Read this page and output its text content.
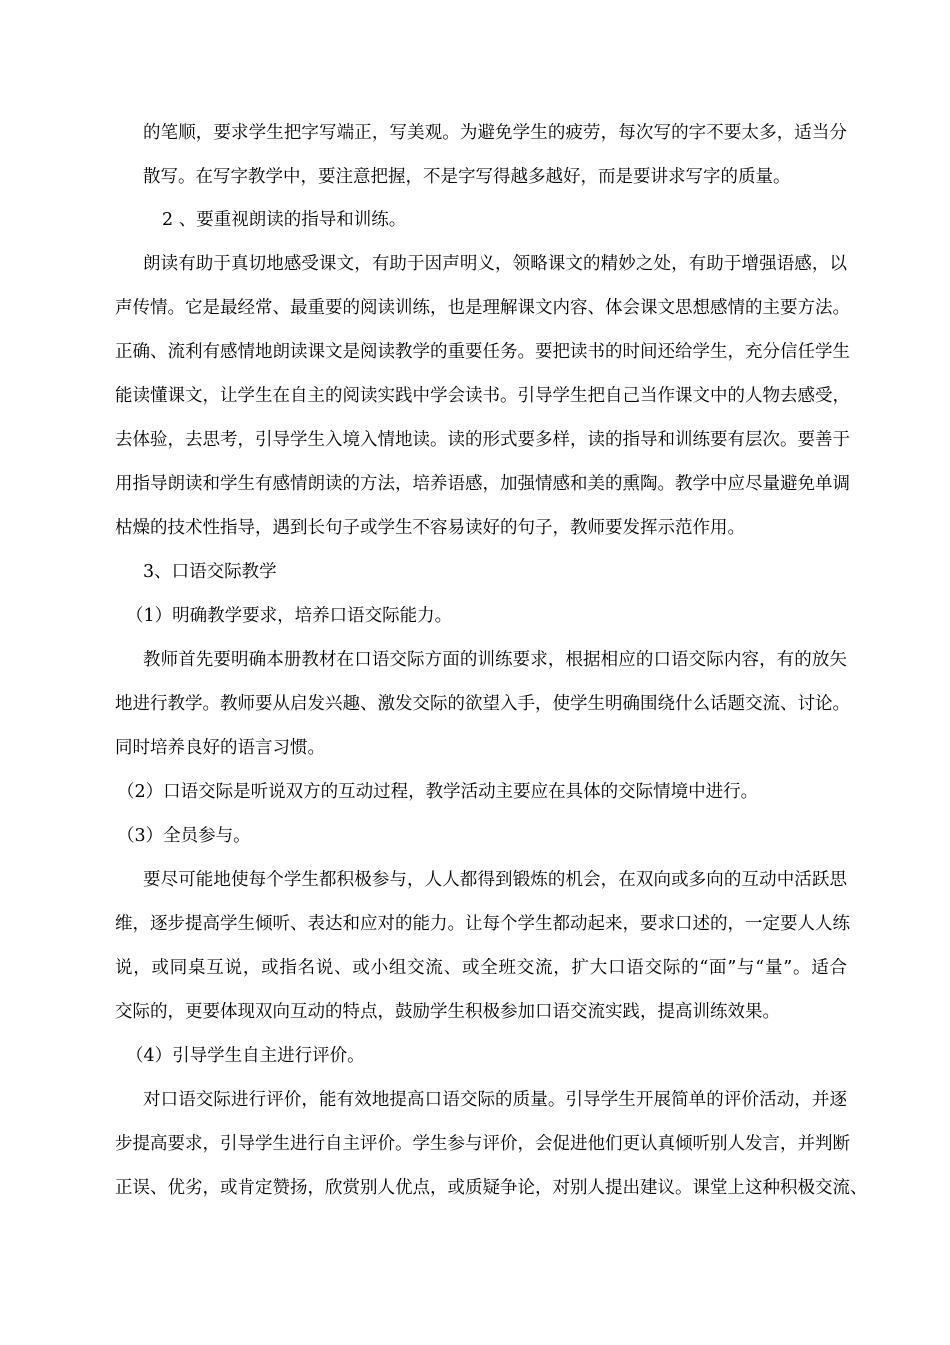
的笔顺，要求学生把字写端正，写美观。为避免学生的疲劳，每次写的字不要太多，适当分
散写。在写字教学中，要注意把握，不是字写得越多越好，而是要讲求写字的质量。
2 、要重视朗读的指导和训练。
朗读有助于真切地感受课文，有助于因声明义，领略课文的精妙之处，有助于增强语感，以
声传情。它是最经常、最重要的阅读训练，也是理解课文内容、体会课文思想感情的主要方法。
正确、流利有感情地朗读课文是阅读教学的重要任务。要把读书的时间还给学生，充分信任学生
能读懂课文，让学生在自主的阅读实践中学会读书。引导学生把自己当作课文中的人物去感受，
去体验，去思考，引导学生入境入情地读。读的形式要多样，读的指导和训练要有层次。要善于
用指导朗读和学生有感情朗读的方法，培养语感，加强情感和美的熏陶。教学中应尽量避免单调
枯燥的技术性指导，遇到长句子或学生不容易读好的句子，教师要发挥示范作用。
3、口语交际教学
（1）明确教学要求，培养口语交际能力。
教师首先要明确本册教材在口语交际方面的训练要求，根据相应的口语交际内容，有的放矢
地进行教学。教师要从启发兴趣、激发交际的欲望入手，使学生明确围绕什么话题交流、讨论。
同时培养良好的语言习惯。
（2）口语交际是听说双方的互动过程，教学活动主要应在具体的交际情境中进行。
（3）全员参与。
要尽可能地使每个学生都积极参与，人人都得到锻炼的机会，在双向或多向的互动中活跃思
维，逐步提高学生倾听、表达和应对的能力。让每个学生都动起来，要求口述的，一定要人人练
说，或同桌互说，或指名说、或小组交流、或全班交流，扩大口语交际的“面”与“量”。适合
交际的，更要体现双向互动的特点，鼓励学生积极参加口语交流实践，提高训练效果。
（4）引导学生自主进行评价。
对口语交际进行评价，能有效地提高口语交际的质量。引导学生开展简单的评价活动，并逐
步提高要求，引导学生进行自主评价。学生参与评价，会促进他们更认真倾听别人发言，并判断
正误、优劣，或肯定赞扬，欣赏别人优点，或质疑争论，对别人提出建议。课堂上这种积极交流、
